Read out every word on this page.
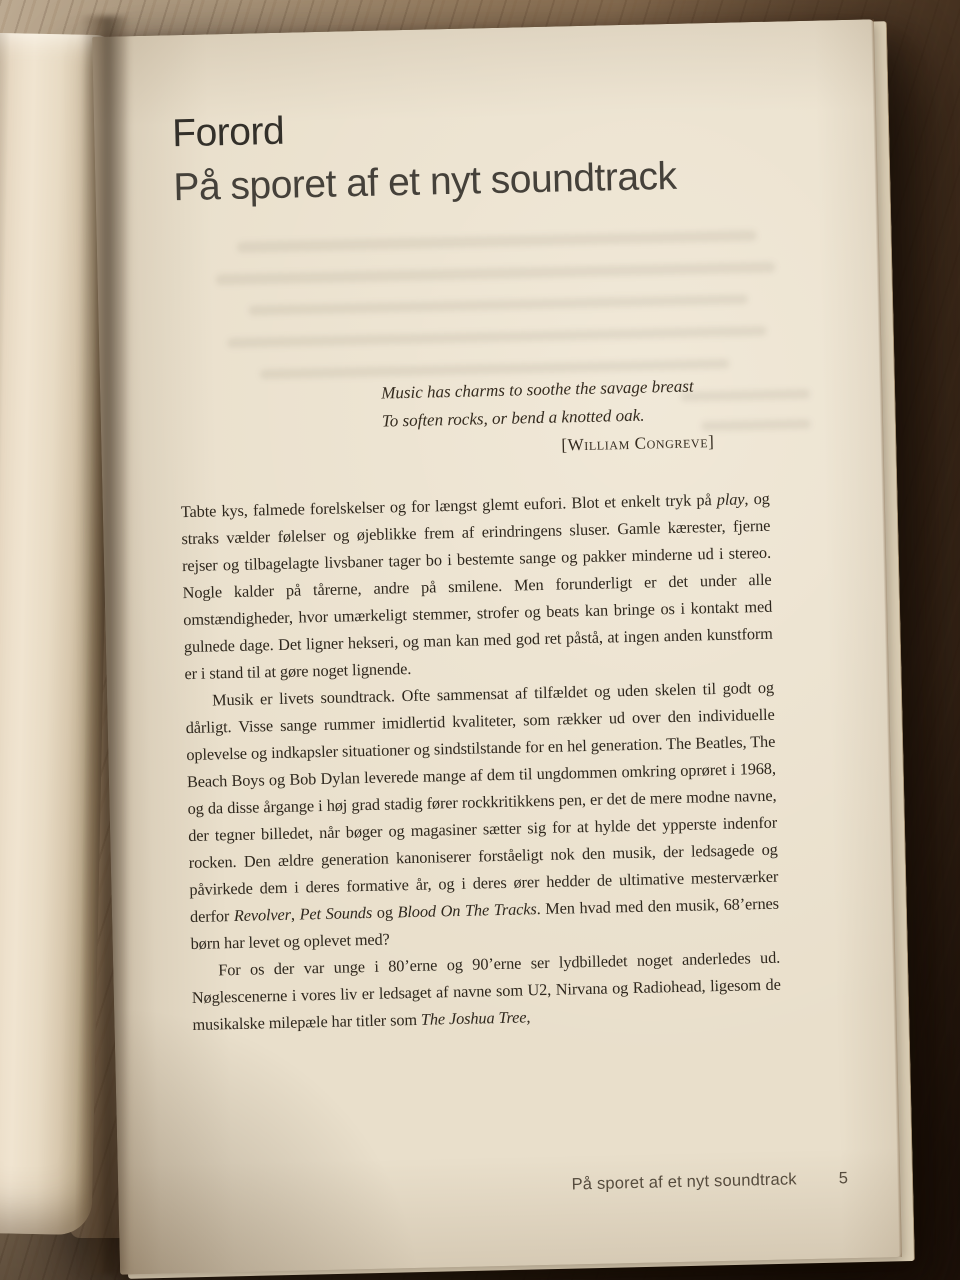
Forord
På sporet af et nyt soundtrack
Music has charms to soothe the savage breast
To soften rocks, or bend a knotted oak.
[William Congreve]

Tabte kys, falmede forelskelser og for længst glemt eufori. Blot et enkelt tryk på play, og straks vælder følelser og øjeblikke frem af erindringens sluser. Gamle kærester, fjerne rejser og tilbagelagte livsbaner tager bo i bestemte sange og pakker minderne ud i stereo. Nogle kalder på tårerne, andre på smilene. Men forunderligt er det under alle omstændigheder, hvor umærkeligt stemmer, strofer og beats kan bringe os i kontakt med gulnede dage. Det ligner hekseri, og man kan med god ret påstå, at ingen anden kunstform er i stand til at gøre noget lignende.

Musik er livets soundtrack. Ofte sammensat af tilfældet og uden skelen til godt og dårligt. Visse sange rummer imidlertid kvaliteter, som rækker ud over den individuelle oplevelse og indkapsler situationer og sindstilstande for en hel generation. The Beatles, The Beach Boys og Bob Dylan leverede mange af dem til ungdommen omkring oprøret i 1968, og da disse årgange i høj grad stadig fører rockkritikkens pen, er det de mere modne navne, der tegner billedet, når bøger og magasiner sætter sig for at hylde det ypperste indenfor rocken. Den ældre generation kanoniserer forståeligt nok den musik, der ledsagede og påvirkede dem i deres formative år, og i deres ører hedder de ultimative mesterværker derfor Revolver, Pet Sounds og Blood On The Tracks. Men hvad med den musik, 68’ernes børn har levet og oplevet med?

For os der var unge i 80’erne og 90’erne ser lydbilledet noget anderledes ud. Nøglescenerne i vores liv er ledsaget af navne som U2, Nirvana og Radiohead, ligesom de musikalske milepæle har titler som The Joshua Tree,

På sporet af et nyt soundtrack	5
